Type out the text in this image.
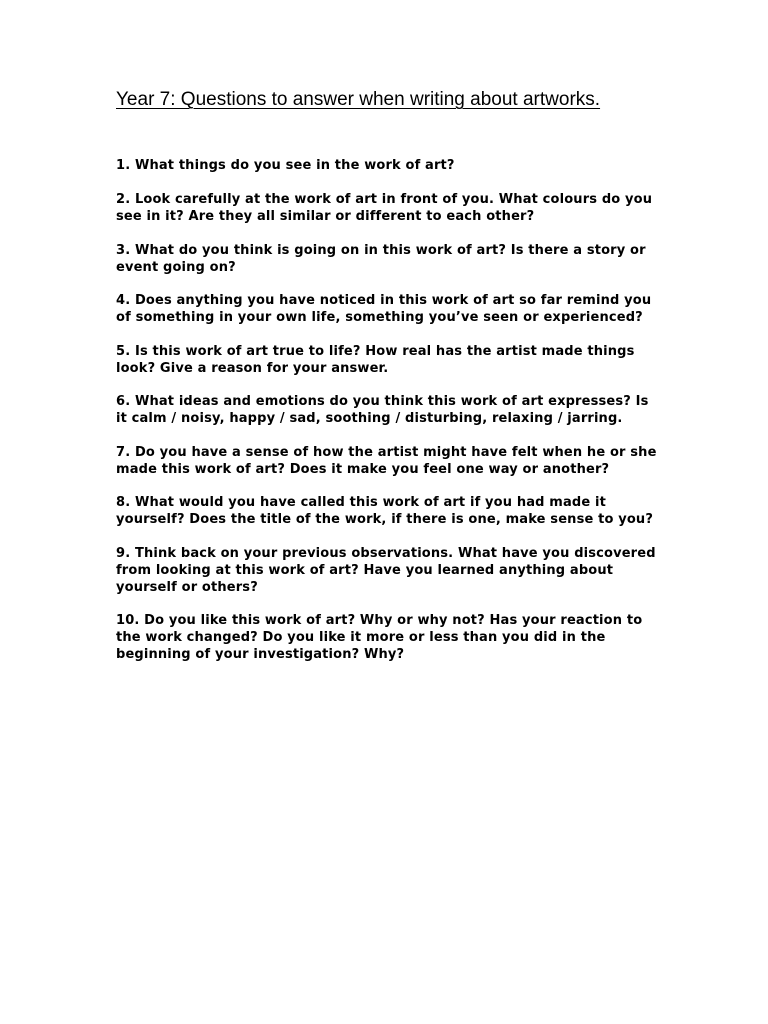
Year 7: Questions to answer when writing about artworks.
1. What things do you see in the work of art?
2. Look carefully at the work of art in front of you. What colours do you
see in it? Are they all similar or different to each other?
3. What do you think is going on in this work of art? Is there a story or
event going on?
4. Does anything you have noticed in this work of art so far remind you
of something in your own life, something you’ve seen or experienced?
5. Is this work of art true to life? How real has the artist made things
look? Give a reason for your answer.
6. What ideas and emotions do you think this work of art expresses? Is
it calm / noisy, happy / sad, soothing / disturbing, relaxing / jarring.
7. Do you have a sense of how the artist might have felt when he or she
made this work of art? Does it make you feel one way or another?
8. What would you have called this work of art if you had made it
yourself? Does the title of the work, if there is one, make sense to you?
9. Think back on your previous observations. What have you discovered
from looking at this work of art? Have you learned anything about
yourself or others?
10. Do you like this work of art? Why or why not? Has your reaction to
the work changed? Do you like it more or less than you did in the
beginning of your investigation? Why?
